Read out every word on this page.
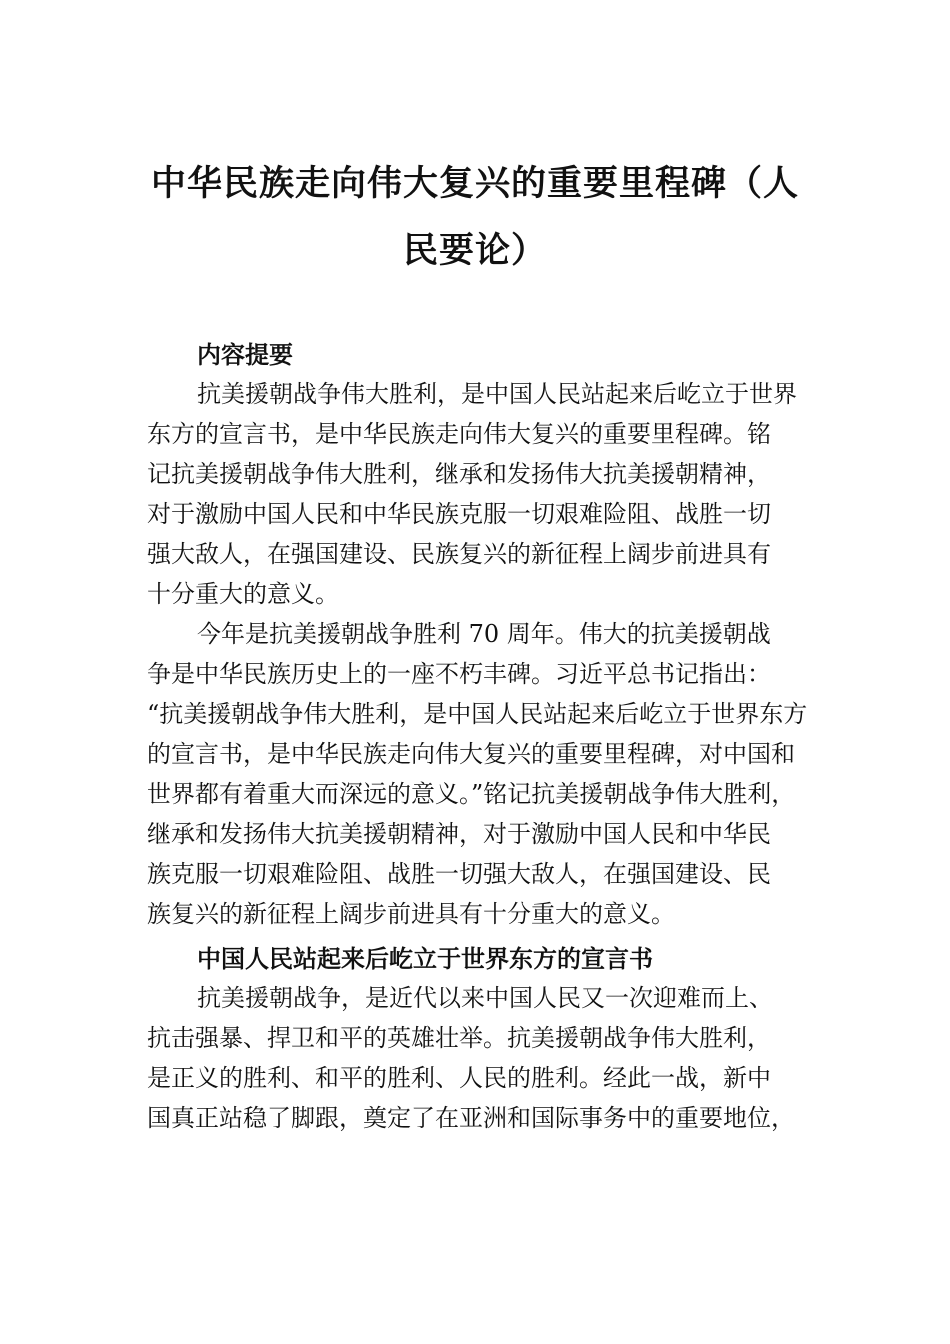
中华民族走向伟大复兴的重要里程碑（人
民要论）
内容提要

抗美援朝战争伟大胜利，是中国人民站起来后屹立于世界

东方的宣言书，是中华民族走向伟大复兴的重要里程碑。铭

记抗美援朝战争伟大胜利，继承和发扬伟大抗美援朝精神，

对于激励中国人民和中华民族克服一切艰难险阻、战胜一切

强大敌人，在强国建设、民族复兴的新征程上阔步前进具有

十分重大的意义。

今年是抗美援朝战争胜利 70 周年。伟大的抗美援朝战

争是中华民族历史上的一座不朽丰碑。习近平总书记指出：

“抗美援朝战争伟大胜利，是中国人民站起来后屹立于世界东方

的宣言书，是中华民族走向伟大复兴的重要里程碑，对中国和

世界都有着重大而深远的意义。”铭记抗美援朝战争伟大胜利，

继承和发扬伟大抗美援朝精神，对于激励中国人民和中华民

族克服一切艰难险阻、战胜一切强大敌人，在强国建设、民

族复兴的新征程上阔步前进具有十分重大的意义。

中国人民站起来后屹立于世界东方的宣言书

抗美援朝战争，是近代以来中国人民又一次迎难而上、

抗击强暴、捍卫和平的英雄壮举。抗美援朝战争伟大胜利，

是正义的胜利、和平的胜利、人民的胜利。经此一战，新中

国真正站稳了脚跟，奠定了在亚洲和国际事务中的重要地位，
